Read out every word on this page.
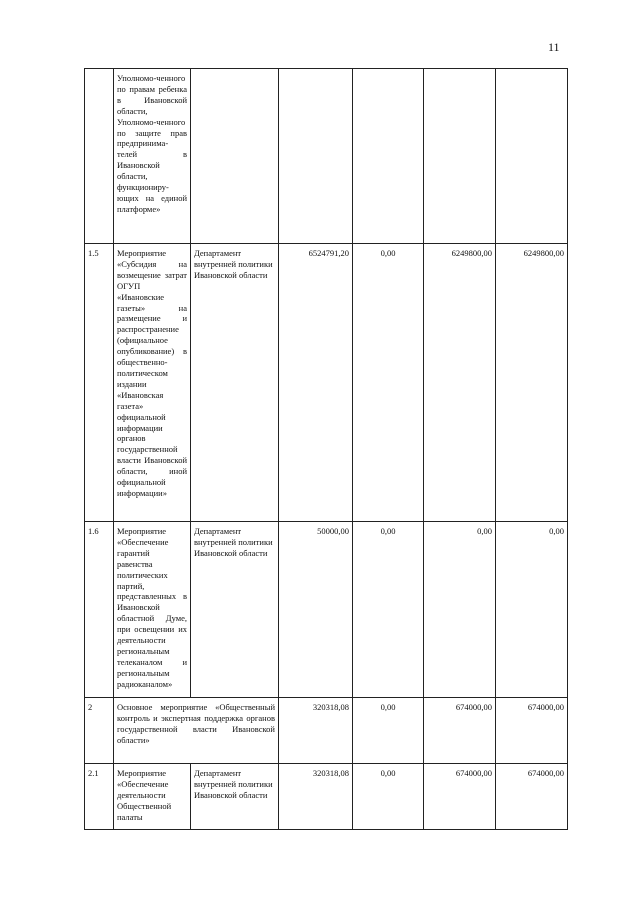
11
	Уполномо-ченного по правам ребенка в Ивановской области, Уполномо-ченного по защите прав предпринима-телей в Ивановской области, функциониру-ющих на единой платформе»					
1.5	Мероприятие «Субсидия на возмещение затрат ОГУП «Ивановские газеты» на размещение и распространение (официальное опубликование) в общественно-политическом издании «Ивановская газета» официальной информации органов государственной власти Ивановской области, иной официальной информации»	Департамент внутренней политики Ивановской области	6524791,20	0,00	6249800,00	6249800,00
1.6	Мероприятие «Обеспечение гарантий равенства политических партий, представленных в Ивановской областной Думе, при освещении их деятельности региональным телеканалом и региональным радиоканалом»	Департамент внутренней политики Ивановской области	50000,00	0,00	0,00	0,00
2	Основное мероприятие «Общественный контроль и экспертная поддержка органов государственной власти Ивановской области»		320318,08	0,00	674000,00	674000,00
2.1	Мероприятие «Обеспечение деятельности Общественной палаты	Департамент внутренней политики Ивановской области	320318,08	0,00	674000,00	674000,00
